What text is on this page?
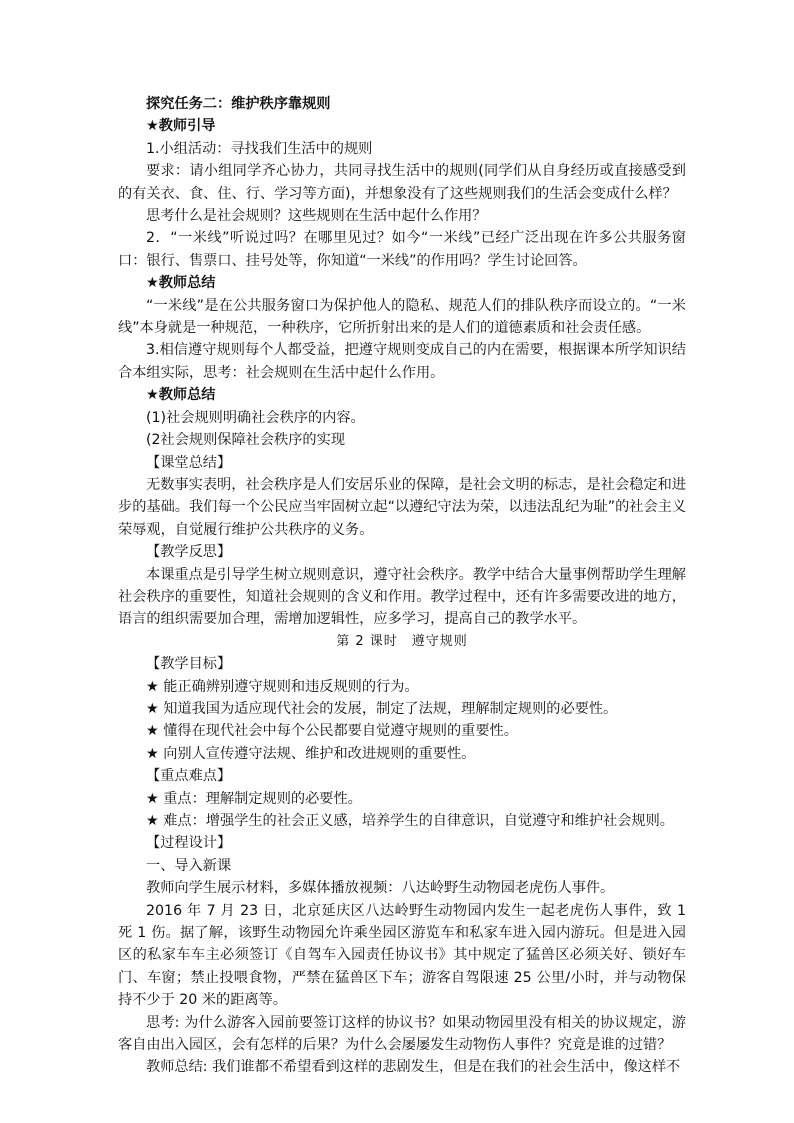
探究任务二：维护秩序靠规则

★教师引导

1.小组活动：寻找我们生活中的规则

要求：请小组同学齐心协力，共同寻找生活中的规则(同学们从自身经历或直接感受到的有关衣、食、住、行、学习等方面)，并想象没有了这些规则我们的生活会变成什么样？

思考什么是社会规则？这些规则在生活中起什么作用？

2．“一米线”听说过吗？在哪里见过？如今“一米线”已经广泛出现在许多公共服务窗口：银行、售票口、挂号处等，你知道“一米线”的作用吗？学生讨论回答。

★教师总结

“一米线”是在公共服务窗口为保护他人的隐私、规范人们的排队秩序而设立的。“一米线”本身就是一种规范，一种秩序，它所折射出来的是人们的道德素质和社会责任感。

3.相信遵守规则每个人都受益，把遵守规则变成自己的内在需要，根据课本所学知识结合本组实际，思考：社会规则在生活中起什么作用。

★教师总结

(1)社会规则明确社会秩序的内容。

(2社会规则保障社会秩序的实现

【课堂总结】

无数事实表明，社会秩序是人们安居乐业的保障，是社会文明的标志，是社会稳定和进步的基础。我们每一个公民应当牢固树立起“以遵纪守法为荣，以违法乱纪为耻”的社会主义荣辱观，自觉履行维护公共秩序的义务。

【教学反思】

本课重点是引导学生树立规则意识，遵守社会秩序。教学中结合大量事例帮助学生理解社会秩序的重要性，知道社会规则的含义和作用。教学过程中，还有许多需要改进的地方，语言的组织需要加合理，需增加逻辑性，应多学习，提高自己的教学水平。

第 2 课时　遵守规则

【教学目标】

★ 能正确辨别遵守规则和违反规则的行为。

★ 知道我国为适应现代社会的发展，制定了法规，理解制定规则的必要性。

★ 懂得在现代社会中每个公民都要自觉遵守规则的重要性。

★ 向别人宣传遵守法规、维护和改进规则的重要性。

【重点难点】

★ 重点：理解制定规则的必要性。

★ 难点：增强学生的社会正义感，培养学生的自律意识，自觉遵守和维护社会规则。

【过程设计】

一、导入新课

教师向学生展示材料，多媒体播放视频：八达岭野生动物园老虎伤人事件。

2016 年 7 月 23 日，北京延庆区八达岭野生动物园内发生一起老虎伤人事件，致 1 死 1 伤。据了解，该野生动物园允许乘坐园区游览车和私家车进入园内游玩。但是进入园区的私家车车主必须签订《自驾车入园责任协议书》其中规定了猛兽区必须关好、锁好车门、车窗；禁止投喂食物，严禁在猛兽区下车；游客自驾限速 25 公里/小时，并与动物保持不少于 20 米的距离等。

思考: 为什么游客入园前要签订这样的协议书？如果动物园里没有相关的协议规定，游客自由出入园区，会有怎样的后果？为什么会屡屡发生动物伤人事件？究竟是谁的过错？

教师总结: 我们谁都不希望看到这样的悲剧发生，但是在我们的社会生活中，像这样不
